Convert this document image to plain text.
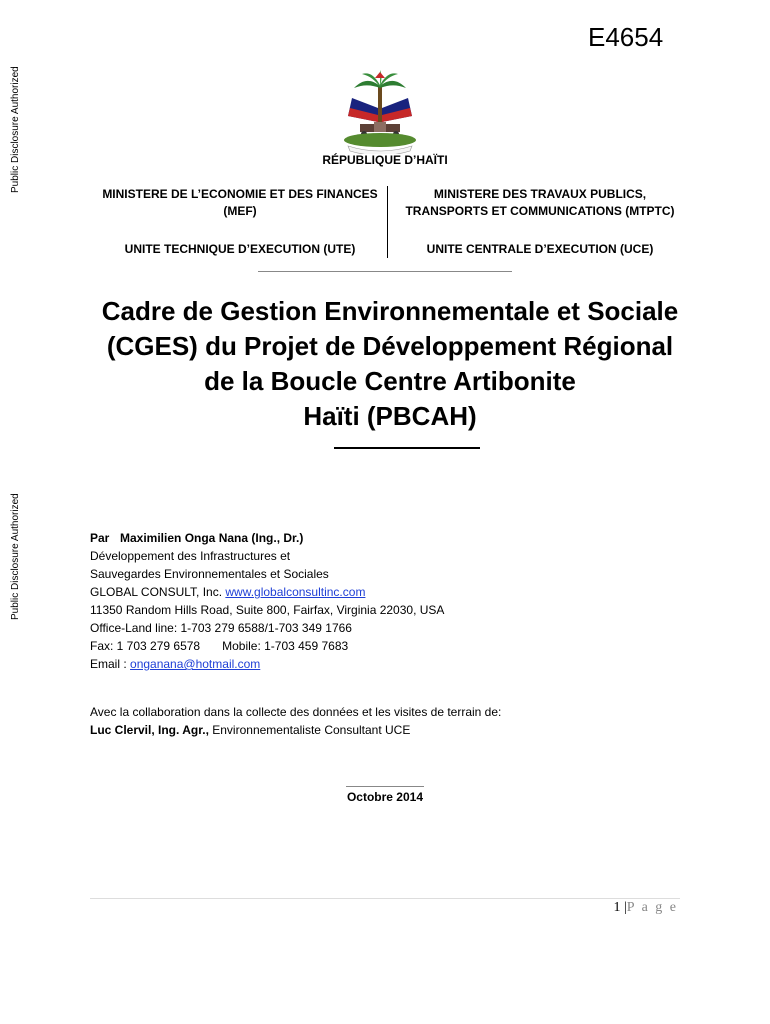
Public Disclosure Authorized
Public Disclosure Authorized
E4654
RÉPUBLIQUE D’HAÏTI
MINISTERE DE L’ECONOMIE ET DES FINANCES
(MEF)
UNITE TECHNIQUE D’EXECUTION (UTE)
MINISTERE DES TRAVAUX PUBLICS,
TRANSPORTS ET COMMUNICATIONS (MTPTC)
UNITE CENTRALE D’EXECUTION (UCE)
Cadre de Gestion Environnementale et Sociale
(CGES) du Projet de Développement Régional
de la Boucle Centre Artibonite
Haïti (PBCAH)
Par Maximilien Onga Nana (Ing., Dr.)
Développement des Infrastructures et
Sauvegardes Environnementales et Sociales
GLOBAL CONSULT, Inc. www.globalconsultinc.com
11350 Random Hills Road, Suite 800, Fairfax, Virginia 22030, USA
Office-Land line: 1-703 279 6588/1-703 349 1766
Fax: 1 703 279 6578 Mobile: 1-703 459 7683
Email : onganana@hotmail.com
Avec la collaboration dans la collecte des données et les visites de terrain de:
Luc Clervil, Ing. Agr., Environnementaliste Consultant UCE
Octobre 2014
1 |P a g e
